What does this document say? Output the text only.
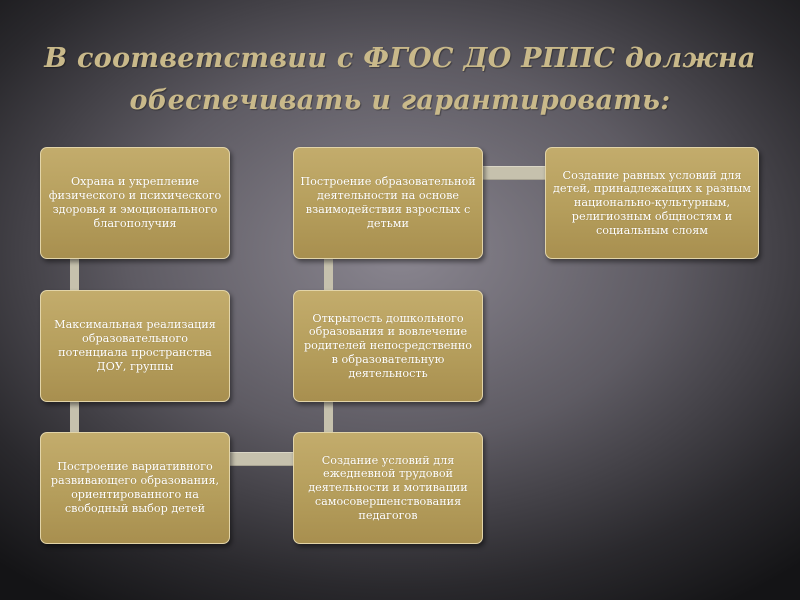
В соответствии с ФГОС ДО РППС должна
обеспечивать и гарантировать:
Охрана и укрепление физического и психического здоровья и эмоционального благополучия
Максимальная реализация образовательного потенциала пространства ДОУ, группы
Построение вариативного развивающего образования, ориентированного на свободный выбор детей
Построение образовательной деятельности на основе взаимодействия взрослых с детьми
Открытость дошкольного образования и вовлечение родителей непосредственно в образовательную деятельность
Создание условий для ежедневной трудовой деятельности и мотивации самосовершенствования педагогов
Создание равных условий для детей, принадлежащих к разным национально-культурным, религиозным общностям и социальным слоям
